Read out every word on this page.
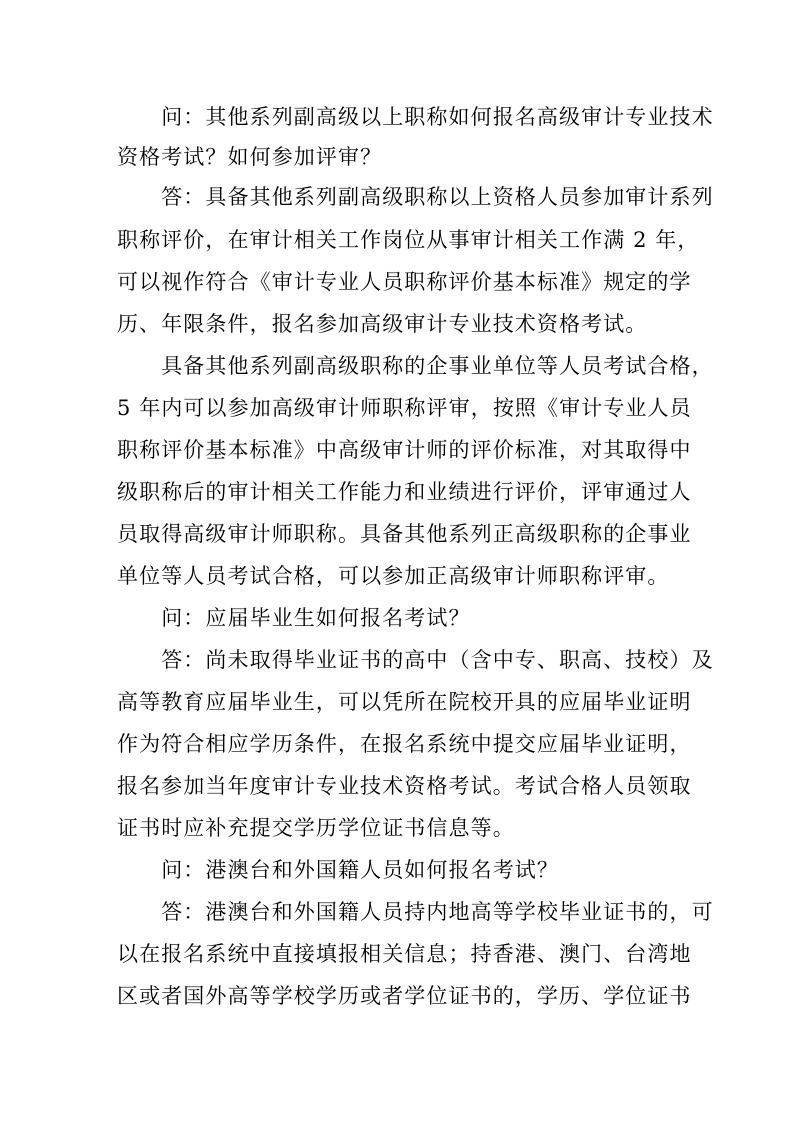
　　问：其他系列副高级以上职称如何报名高级审计专业技术
资格考试？如何参加评审？
　　答：具备其他系列副高级职称以上资格人员参加审计系列
职称评价，在审计相关工作岗位从事审计相关工作满 2 年，
可以视作符合《审计专业人员职称评价基本标准》规定的学
历、年限条件，报名参加高级审计专业技术资格考试。
　　具备其他系列副高级职称的企事业单位等人员考试合格，
5 年内可以参加高级审计师职称评审，按照《审计专业人员
职称评价基本标准》中高级审计师的评价标准，对其取得中
级职称后的审计相关工作能力和业绩进行评价，评审通过人
员取得高级审计师职称。具备其他系列正高级职称的企事业
单位等人员考试合格，可以参加正高级审计师职称评审。
　　问：应届毕业生如何报名考试？
　　答：尚未取得毕业证书的高中（含中专、职高、技校）及
高等教育应届毕业生，可以凭所在院校开具的应届毕业证明
作为符合相应学历条件，在报名系统中提交应届毕业证明，
报名参加当年度审计专业技术资格考试。考试合格人员领取
证书时应补充提交学历学位证书信息等。
　　问：港澳台和外国籍人员如何报名考试？
　　答：港澳台和外国籍人员持内地高等学校毕业证书的，可
以在报名系统中直接填报相关信息；持香港、澳门、台湾地
区或者国外高等学校学历或者学位证书的，学历、学位证书
